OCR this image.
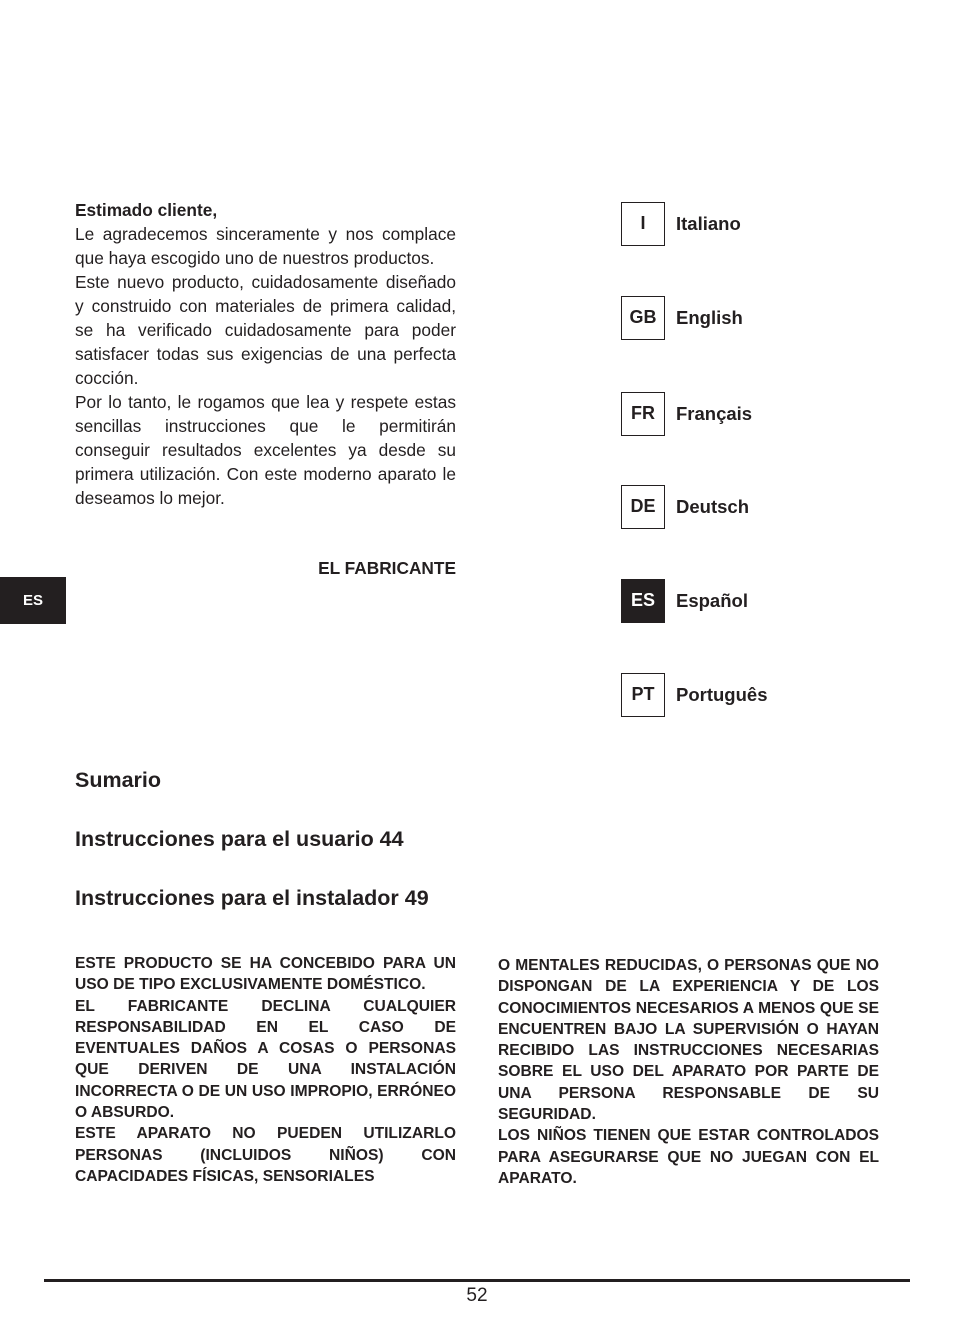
Estimado cliente,

Le agradecemos sinceramente y nos complace que haya escogido uno de nuestros productos.

Este nuevo producto, cuidadosamente diseñado y construido con materiales de primera calidad, se ha verificado cuidadosamente para poder satisfacer todas sus exigencias de una perfecta cocción.

Por lo tanto, le rogamos que lea y respete estas sencillas instrucciones que le permitirán conseguir resultados excelentes ya desde su primera utilización. Con este moderno aparato le deseamos lo mejor.

EL FABRICANTE
ES
I	Italiano
GB	English
FR	Français
DE	Deutsch
ES	Español
PT	Português
Sumario
Instrucciones para el usuario 44
Instrucciones para el instalador 49

ESTE PRODUCTO SE HA CONCEBIDO PARA UN USO DE TIPO EXCLUSIVAMENTE DOMÉSTICO.

EL FABRICANTE DECLINA CUALQUIER RESPONSABILIDAD EN EL CASO DE EVENTUALES DAÑOS A COSAS O PERSONAS QUE DERIVEN DE UNA INSTALACIÓN INCORRECTA O DE UN USO IMPROPIO, ERRÓNEO O ABSURDO.

ESTE APARATO NO PUEDEN UTILIZARLO PERSONAS (INCLUIDOS NIÑOS) CON CAPACIDADES FÍSICAS, SENSORIALES

O MENTALES REDUCIDAS, O PERSONAS QUE NO DISPONGAN DE LA EXPERIENCIA Y DE LOS CONOCIMIENTOS NECESARIOS A MENOS QUE SE ENCUENTREN BAJO LA SUPERVISIÓN O HAYAN RECIBIDO LAS INSTRUCCIONES NECESARIAS SOBRE EL USO DEL APARATO POR PARTE DE UNA PERSONA RESPONSABLE DE SU SEGURIDAD.

LOS NIÑOS TIENEN QUE ESTAR CONTROLADOS PARA ASEGURARSE QUE NO JUEGAN CON EL APARATO.

52
